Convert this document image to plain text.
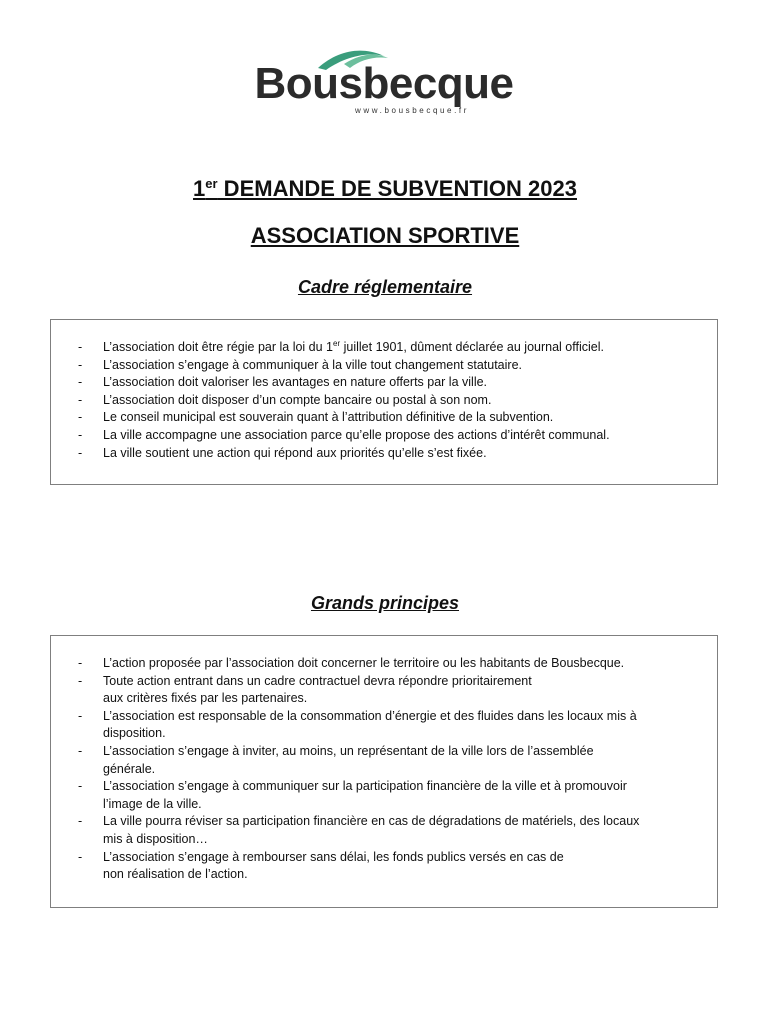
Bousbecque
www.bousbecque.fr
1er DEMANDE DE SUBVENTION 2023
ASSOCIATION SPORTIVE
Cadre réglementaire
- L’association doit être régie par la loi du 1er juillet 1901, dûment déclarée au journal officiel.
- L’association s’engage à communiquer à la ville tout changement statutaire.
- L’association doit valoriser les avantages en nature offerts par la ville.
- L’association doit disposer d’un compte bancaire ou postal à son nom.
- Le conseil municipal est souverain quant à l’attribution définitive de la subvention.
- La ville accompagne une association parce qu’elle propose des actions d’intérêt communal.
- La ville soutient une action qui répond aux priorités qu’elle s’est fixée.
Grands principes
- L’action proposée par l’association doit concerner le territoire ou les habitants de Bousbecque.
- Toute action entrant dans un cadre contractuel devra répondre prioritairement
aux critères fixés par les partenaires.
- L’association est responsable de la consommation d’énergie et des fluides dans les locaux mis à
disposition.
- L’association s’engage à inviter, au moins, un représentant de la ville lors de l’assemblée
générale.
- L’association s’engage à communiquer sur la participation financière de la ville et à promouvoir
l’image de la ville.
- La ville pourra réviser sa participation financière en cas de dégradations de matériels, des locaux
mis à disposition…
- L’association s’engage à rembourser sans délai, les fonds publics versés en cas de
non réalisation de l’action.
